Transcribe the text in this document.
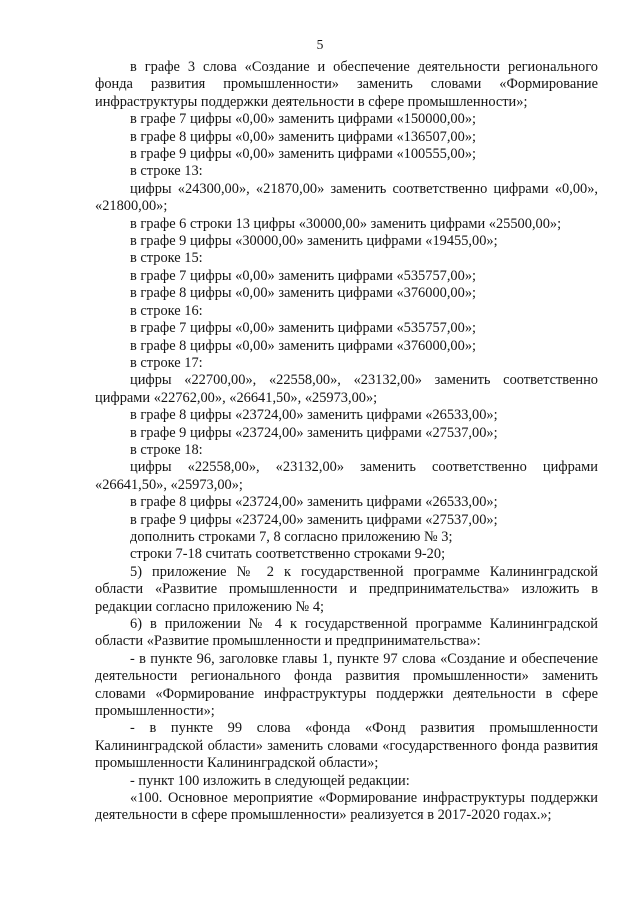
5

в графе 3 слова «Создание и обеспечение деятельности регионального фонда развития промышленности» заменить словами «Формирование инфраструктуры поддержки деятельности в сфере промышленности»;

в графе 7 цифры «0,00» заменить цифрами «150000,00»;

в графе 8 цифры «0,00» заменить цифрами «136507,00»;

в графе 9 цифры «0,00» заменить цифрами «100555,00»;

в строке 13:

цифры «24300,00», «21870,00» заменить соответственно цифрами «0,00», «21800,00»;

в графе 6 строки 13 цифры «30000,00» заменить цифрами «25500,00»;

в графе 9 цифры «30000,00» заменить цифрами «19455,00»;

в строке 15:

в графе 7 цифры «0,00» заменить цифрами «535757,00»;

в графе 8 цифры «0,00» заменить цифрами «376000,00»;

в строке 16:

в графе 7 цифры «0,00» заменить цифрами «535757,00»;

в графе 8 цифры «0,00» заменить цифрами «376000,00»;

в строке 17:

цифры «22700,00», «22558,00», «23132,00» заменить соответственно цифрами «22762,00», «26641,50», «25973,00»;

в графе 8 цифры «23724,00» заменить цифрами «26533,00»;

в графе 9 цифры «23724,00» заменить цифрами «27537,00»;

в строке 18:

цифры «22558,00», «23132,00» заменить соответственно цифрами «26641,50», «25973,00»;

в графе 8 цифры «23724,00» заменить цифрами «26533,00»;

в графе 9 цифры «23724,00» заменить цифрами «27537,00»;

дополнить строками 7, 8 согласно приложению № 3;

строки 7-18 считать соответственно строками 9-20;

5) приложение № 2 к государственной программе Калининградской области «Развитие промышленности и предпринимательства» изложить в редакции согласно приложению № 4;

6) в приложении № 4 к государственной программе Калининградской области «Развитие промышленности и предпринимательства»:

- в пункте 96, заголовке главы 1, пункте 97 слова «Создание и обеспечение деятельности регионального фонда развития промышленности» заменить словами «Формирование инфраструктуры поддержки деятельности в сфере промышленности»;

- в пункте 99 слова «фонда «Фонд развития промышленности Калининградской области» заменить словами «государственного фонда развития промышленности Калининградской области»;

- пункт 100 изложить в следующей редакции:

«100. Основное мероприятие «Формирование инфраструктуры поддержки деятельности в сфере промышленности» реализуется в 2017-2020 годах.»;
